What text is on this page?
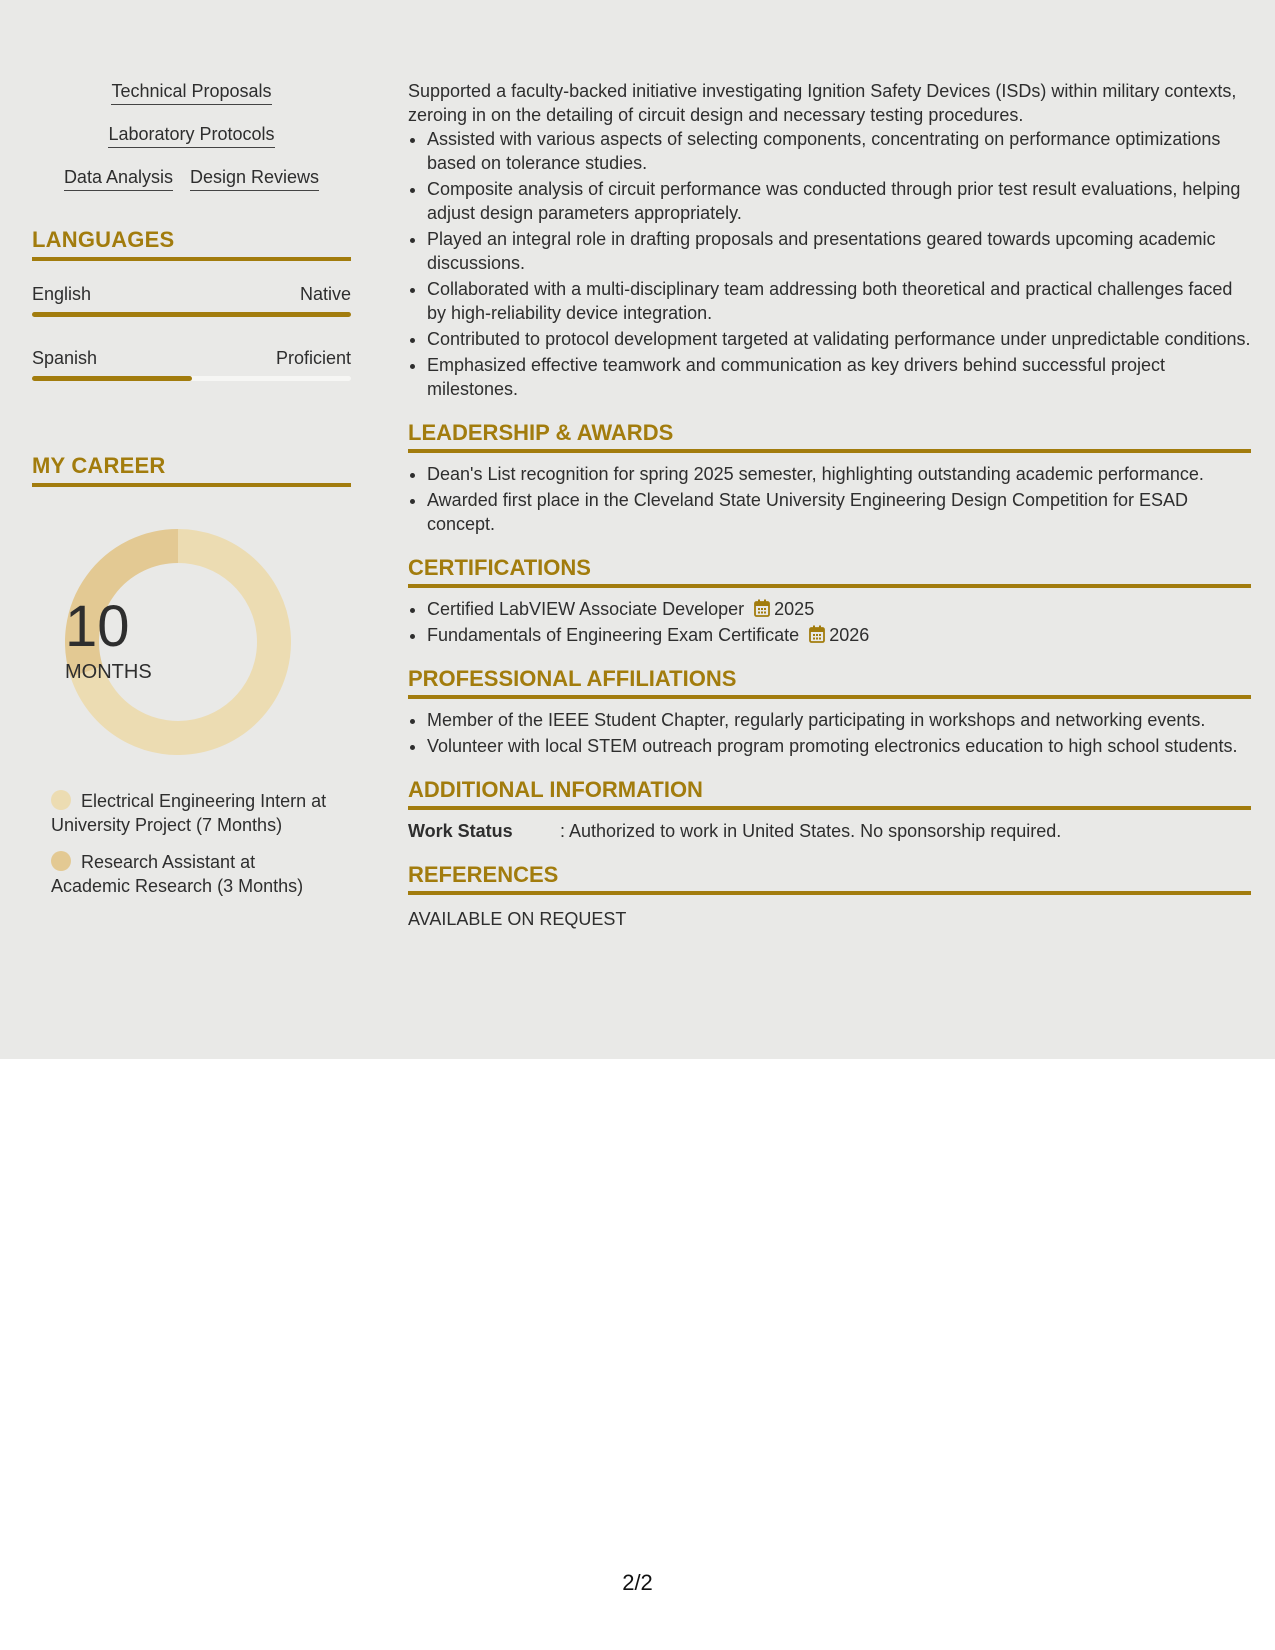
Technical Proposals
Laboratory Protocols
Data Analysis Design Reviews
LANGUAGES
English	Native
Spanish	Proficient
MY CAREER
10
MONTHS
Electrical Engineering Intern at University Project (7 Months)
Research Assistant at Academic Research (3 Months)

Supported a faculty-backed initiative investigating Ignition Safety Devices (ISDs) within military contexts, zeroing in on the detailing of circuit design and necessary testing procedures.

• Assisted with various aspects of selecting components, concentrating on performance optimizations based on tolerance studies.
• Composite analysis of circuit performance was conducted through prior test result evaluations, helping adjust design parameters appropriately.
• Played an integral role in drafting proposals and presentations geared towards upcoming academic discussions.
• Collaborated with a multi-disciplinary team addressing both theoretical and practical challenges faced by high-reliability device integration.
• Contributed to protocol development targeted at validating performance under unpredictable conditions.
• Emphasized effective teamwork and communication as key drivers behind successful project milestones.
LEADERSHIP & AWARDS
• Dean's List recognition for spring 2025 semester, highlighting outstanding academic performance.
• Awarded first place in the Cleveland State University Engineering Design Competition for ESAD concept.
CERTIFICATIONS
• Certified LabVIEW Associate Developer 2025
• Fundamentals of Engineering Exam Certificate 2026
PROFESSIONAL AFFILIATIONS
• Member of the IEEE Student Chapter, regularly participating in workshops and networking events.
• Volunteer with local STEM outreach program promoting electronics education to high school students.
ADDITIONAL INFORMATION
Work Status	: Authorized to work in United States. No sponsorship required.
REFERENCES
AVAILABLE ON REQUEST
2/2
